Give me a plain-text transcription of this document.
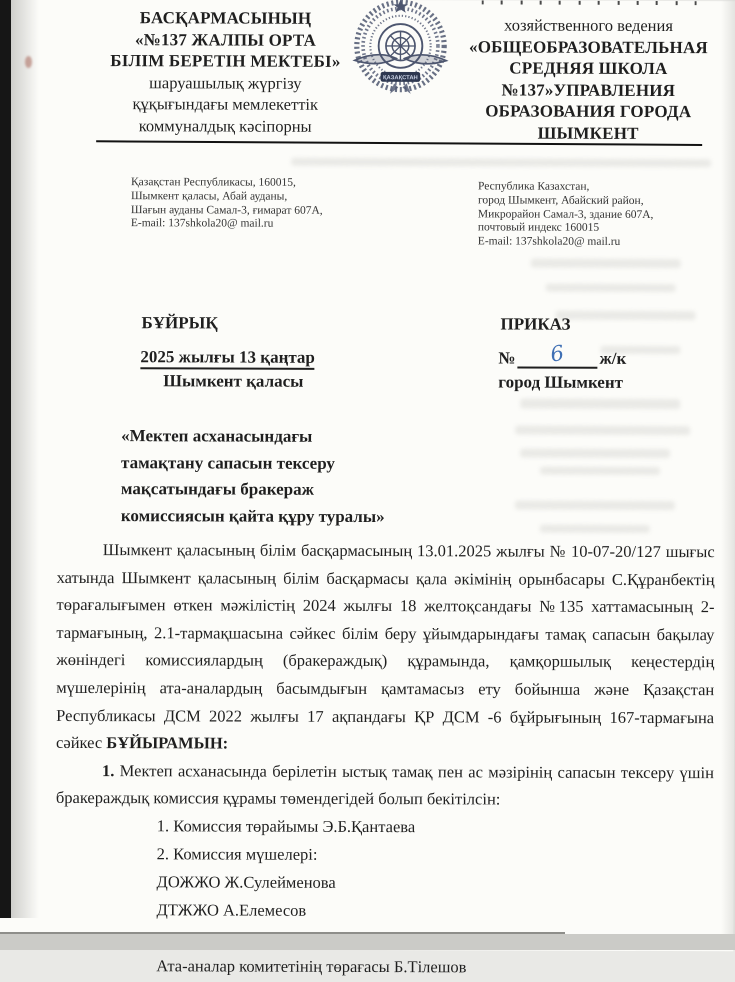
БАСҚАРМАСЫНЫҢ
«№137 ЖАЛПЫ ОРТА
БІЛІМ БЕРЕТІН МЕКТЕБІ»
шаруашылық жүргізу
құқығындағы мемлекеттік
коммуналдық кәсіпорны
ҚАЗАҚСТАН
хозяйственного ведения
«ОБЩЕОБРАЗОВАТЕЛЬНАЯ
СРЕДНЯЯ ШКОЛА
№137»УПРАВЛЕНИЯ
ОБРАЗОВАНИЯ ГОРОДА
ШЫМКЕНТ
Қазақстан Республикасы, 160015,
Шымкент қаласы, Абай ауданы,
Шағын ауданы Самал-3, ғимарат 607А,
E-mail: 137shkola20@ mail.ru
Республика Казахстан,
город Шымкент, Абайский район,
Микрорайон Самал-3, здание 607А,
почтовый индекс 160015
E-mail: 137shkola20@ mail.ru
БҰЙРЫҚ
2025 жылғы 13 қаңтар
Шымкент қаласы
ПРИКАЗ
№	6	ж/к
город Шымкент
«Мектеп асханасындағы
тамақтану сапасын тексеру
мақсатындағы бракераж
комиссиясын қайта құру туралы»

Шымкент қаласының білім басқармасының 13.01.2025 жылғы № 10-07-20/127 шығыс хатында Шымкент қаласының білім басқармасы қала әкімінің орынбасары С.Құранбектің төрағалығымен өткен мәжілістің 2024 жылғы 18 желтоқсандағы №135 хаттамасының 2-тармағының, 2.1-тармақшасына сәйкес білім беру ұйымдарындағы тамақ сапасын бақылау жөніндегі комиссиялардың (бракераждық) құрамында, қамқоршылық кеңестердің мүшелерінің ата-аналардың басымдығын қамтамасыз ету бойынша және Қазақстан Республикасы ДСМ 2022 жылғы 17 ақпандағы ҚР ДСМ -6 бұйрығының 167-тармағына сәйкес БҰЙЫРАМЫН:

1. Мектеп асханасында берілетін ыстық тамақ пен ас мәзірінің сапасын тексеру үшін бракераждық комиссия құрамы төмендегідей болып бекітілсін:

1. Комиссия төрайымы Э.Б.Қантаева
2. Комиссия мүшелері:
ДОЖЖО Ж.Сулейменова
ДТЖЖО А.Елемесов
Ата-аналар комитетінің төрағасы Б.Тілешов
